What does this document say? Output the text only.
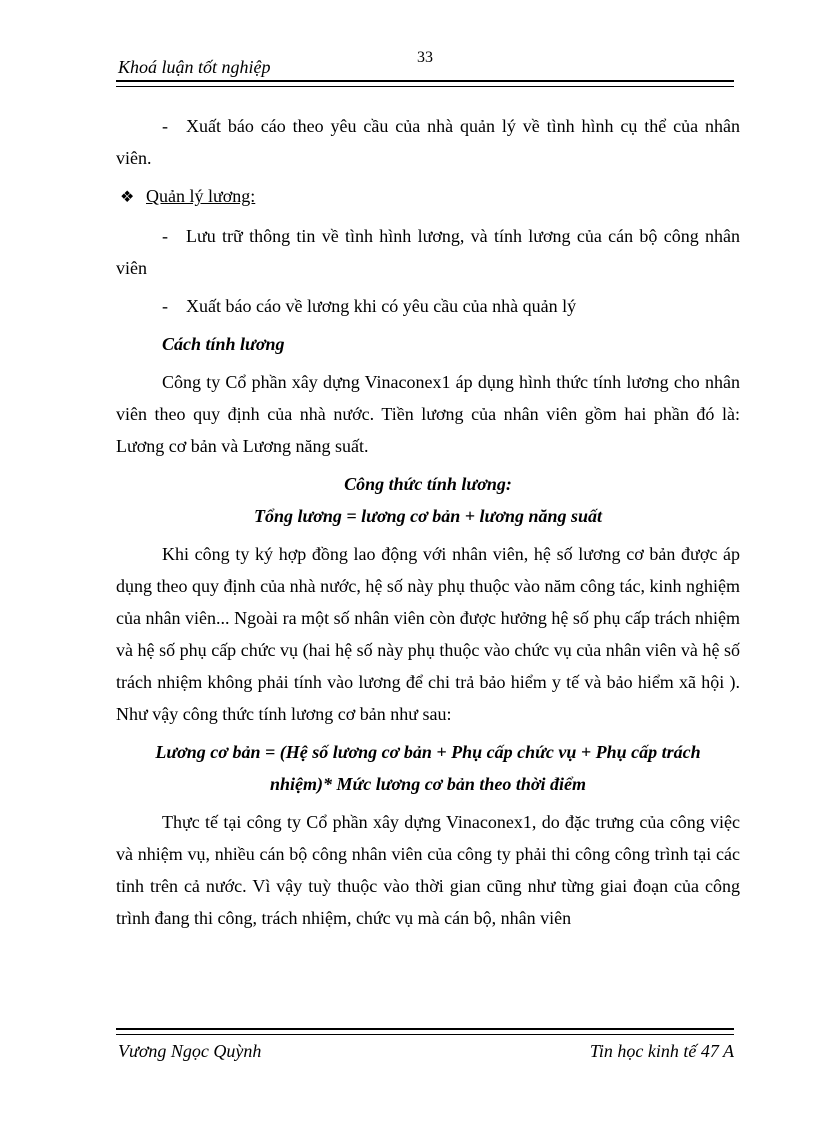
33
Khoá luận tốt nghiệp

- Xuất báo cáo theo yêu cầu của nhà quản lý về tình hình cụ thể của nhân viên.

❖ Quản lý lương:

- Lưu trữ thông tin về tình hình lương, và tính lương của cán bộ công nhân viên

- Xuất báo cáo về lương khi có yêu cầu của nhà quản lý

Cách tính lương

Công ty Cổ phần xây dựng Vinaconex1 áp dụng hình thức tính lương cho nhân viên theo quy định của nhà nước. Tiền lương của nhân viên gồm hai phần đó là: Lương cơ bản và Lương năng suất.

Công thức tính lương:

Tổng lương = lương cơ bản + lương năng suất

Khi công ty ký hợp đồng lao động với nhân viên, hệ số lương cơ bản được áp dụng theo quy định của nhà nước, hệ số này phụ thuộc vào năm công tác, kinh nghiệm của nhân viên... Ngoài ra một số nhân viên còn được hưởng hệ số phụ cấp trách nhiệm và hệ số phụ cấp chức vụ (hai hệ số này phụ thuộc vào chức vụ của nhân viên và hệ số trách nhiệm không phải tính vào lương để chi trả bảo hiểm y tế và bảo hiểm xã hội ). Như vậy công thức tính lương cơ bản như sau:

Lương cơ bản = (Hệ số lương cơ bản + Phụ cấp chức vụ + Phụ cấp trách nhiệm)* Mức lương cơ bản theo thời điểm

Thực tế tại công ty Cổ phần xây dựng Vinaconex1, do đặc trưng của công việc và nhiệm vụ, nhiều cán bộ công nhân viên của công ty phải thi công công trình tại các tỉnh trên cả nước. Vì vậy tuỳ thuộc vào thời gian cũng như từng giai đoạn của công trình đang thi công, trách nhiệm, chức vụ mà cán bộ, nhân viên

Vương Ngọc Quỳnh	Tin học kinh tế 47 A
